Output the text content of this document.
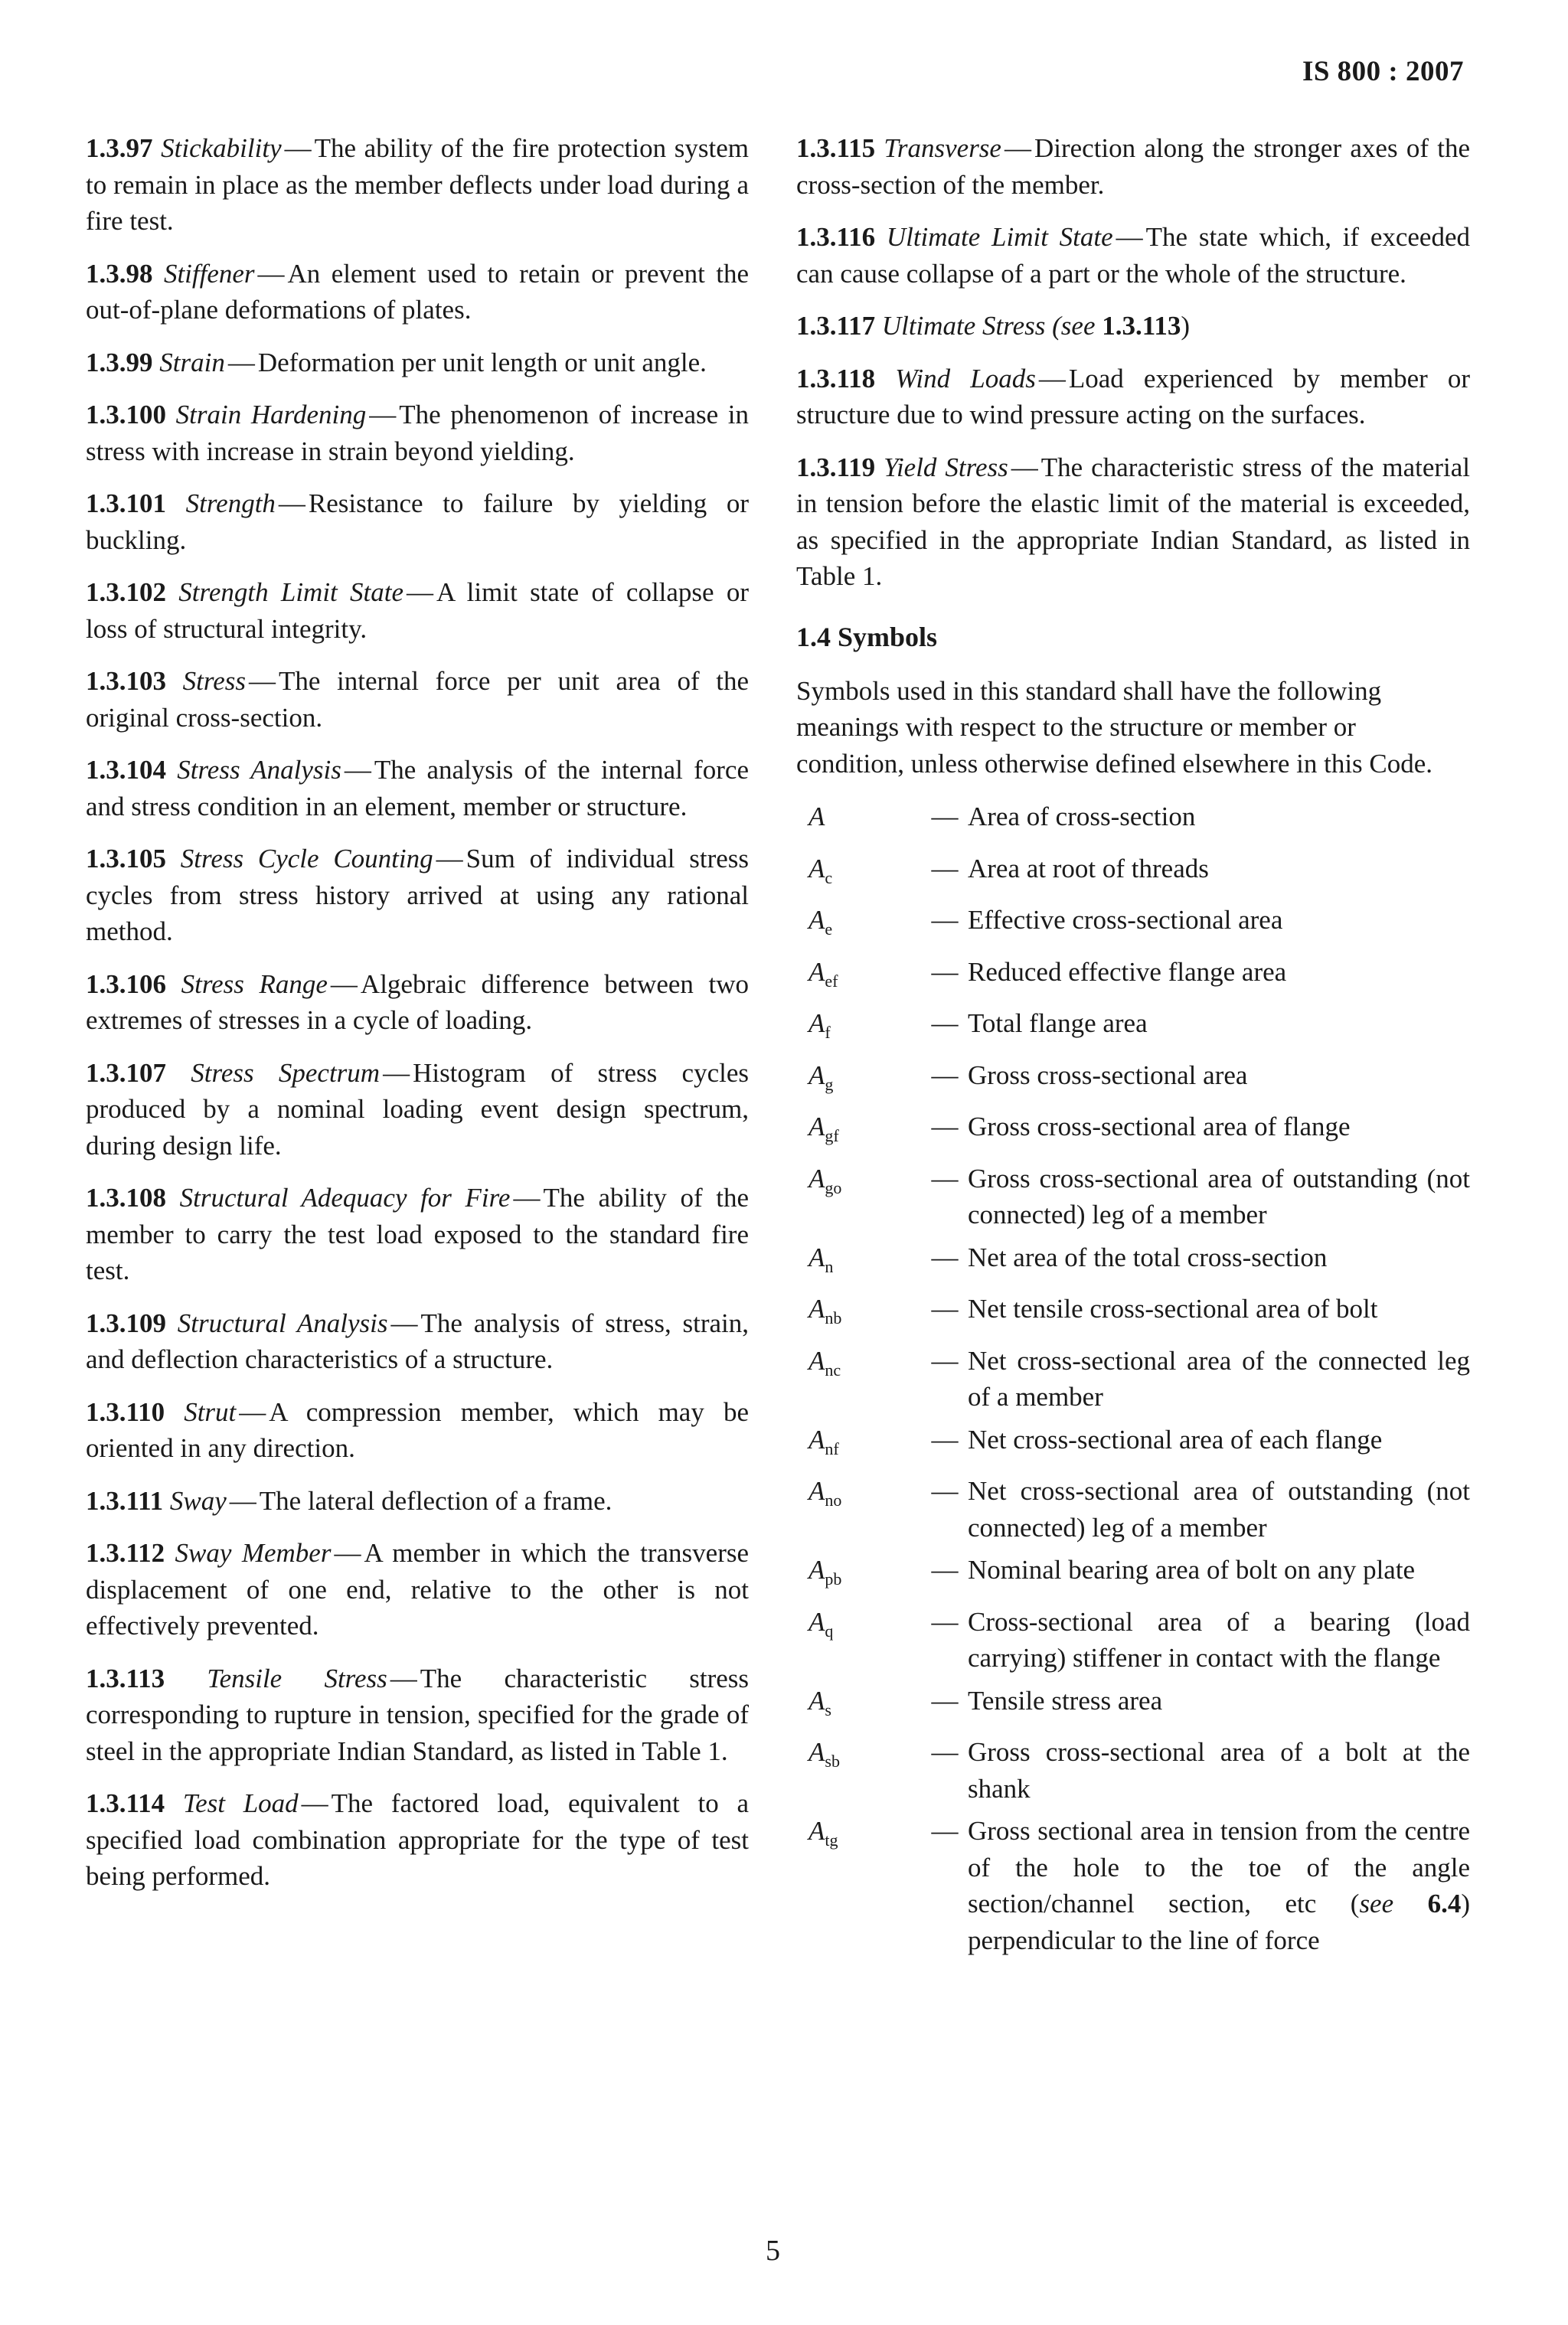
IS 800 : 2007

1.3.97 Stickability — The ability of the fire protection system to remain in place as the member deflects under load during a fire test.

1.3.98 Stiffener — An element used to retain or prevent the out-of-plane deformations of plates.

1.3.99 Strain — Deformation per unit length or unit angle.

1.3.100 Strain Hardening — The phenomenon of increase in stress with increase in strain beyond yielding.

1.3.101 Strength — Resistance to failure by yielding or buckling.

1.3.102 Strength Limit State — A limit state of collapse or loss of structural integrity.

1.3.103 Stress — The internal force per unit area of the original cross-section.

1.3.104 Stress Analysis — The analysis of the internal force and stress condition in an element, member or structure.

1.3.105 Stress Cycle Counting — Sum of individual stress cycles from stress history arrived at using any rational method.

1.3.106 Stress Range — Algebraic difference between two extremes of stresses in a cycle of loading.

1.3.107 Stress Spectrum — Histogram of stress cycles produced by a nominal loading event design spectrum, during design life.

1.3.108 Structural Adequacy for Fire — The ability of the member to carry the test load exposed to the standard fire test.

1.3.109 Structural Analysis — The analysis of stress, strain, and deflection characteristics of a structure.

1.3.110 Strut — A compression member, which may be oriented in any direction.

1.3.111 Sway — The lateral deflection of a frame.

1.3.112 Sway Member — A member in which the transverse displacement of one end, relative to the other is not effectively prevented.

1.3.113 Tensile Stress — The characteristic stress corresponding to rupture in tension, specified for the grade of steel in the appropriate Indian Standard, as listed in Table 1.

1.3.114 Test Load — The factored load, equivalent to a specified load combination appropriate for the type of test being performed.

1.3.115 Transverse — Direction along the stronger axes of the cross-section of the member.

1.3.116 Ultimate Limit State — The state which, if exceeded can cause collapse of a part or the whole of the structure.

1.3.117 Ultimate Stress (see 1.3.113)

1.3.118 Wind Loads — Load experienced by member or structure due to wind pressure acting on the surfaces.

1.3.119 Yield Stress — The characteristic stress of the material in tension before the elastic limit of the material is exceeded, as specified in the appropriate Indian Standard, as listed in Table 1.

1.4 Symbols

Symbols used in this standard shall have the following meanings with respect to the structure or member or condition, unless otherwise defined elsewhere in this Code.

A	— Area of cross-section
$A_c$	— Area at root of threads
$A_e$	— Effective cross-sectional area
$A_{ef}$	— Reduced effective flange area
$A_f$	— Total flange area
$A_g$	— Gross cross-sectional area
$A_{gf}$	— Gross cross-sectional area of flange
$A_{go}$	— Gross cross-sectional area of outstanding (not connected) leg of a member
$A_n$	— Net area of the total cross-section
$A_{nb}$	— Net tensile cross-sectional area of bolt
$A_{nc}$	— Net cross-sectional area of the connected leg of a member
$A_{nf}$	— Net cross-sectional area of each flange
$A_{no}$	— Net cross-sectional area of outstanding (not connected) leg of a member
$A_{pb}$	— Nominal bearing area of bolt on any plate
$A_q$	— Cross-sectional area of a bearing (load carrying) stiffener in contact with the flange
$A_s$	— Tensile stress area
$A_{sb}$	— Gross cross-sectional area of a bolt at the shank
$A_{tg}$	— Gross sectional area in tension from the centre of the hole to the toe of the angle section/channel section, etc (see 6.4) perpendicular to the line of force
5
